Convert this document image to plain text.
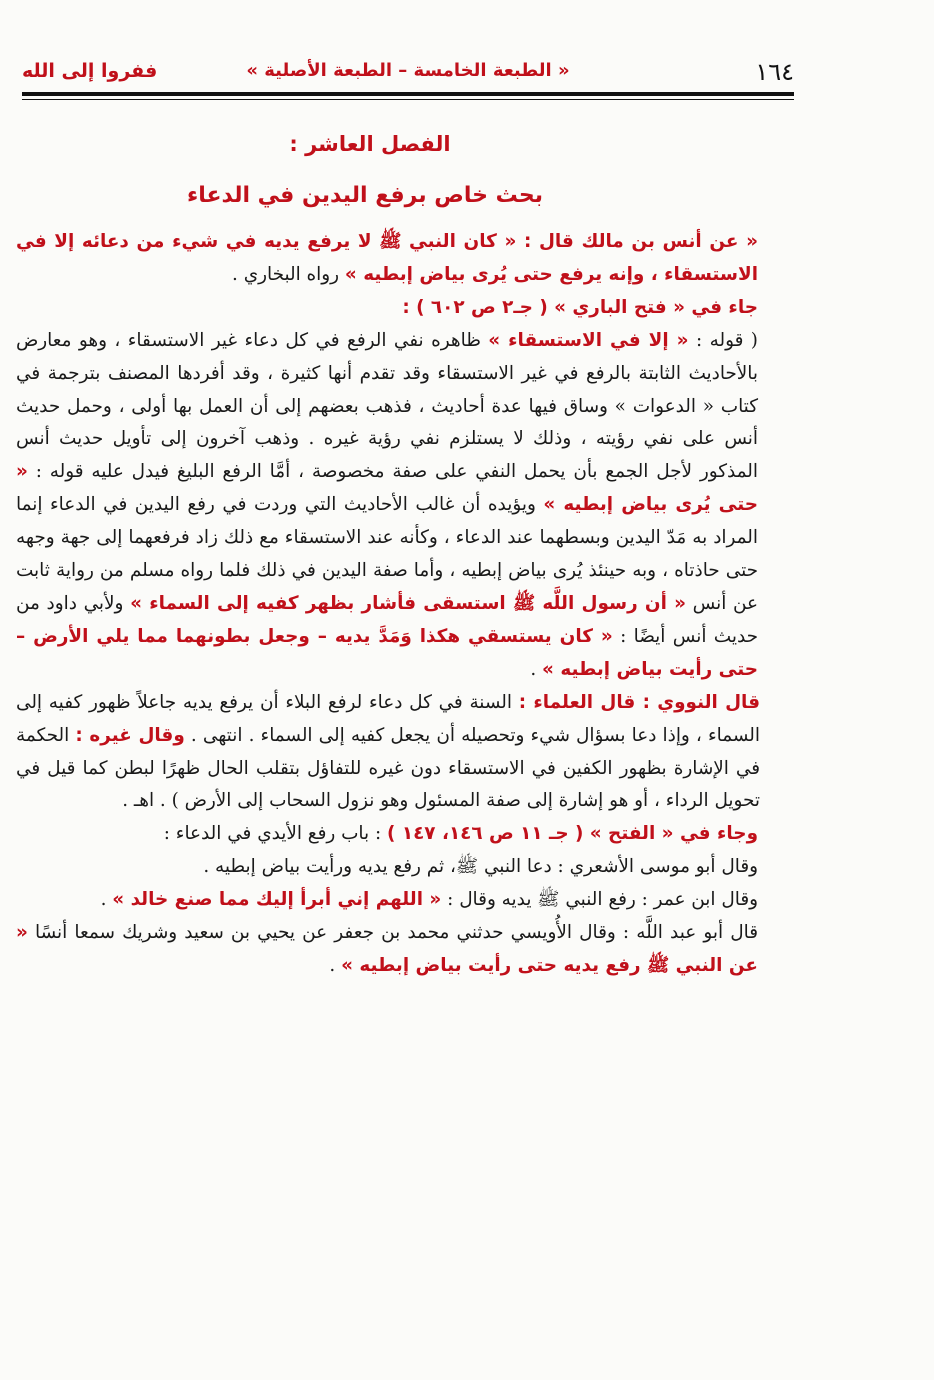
١٦٤
« الطبعة الخامسة – الطبعة الأصلية »
ففروا إلى الله

الفصل العاشر :

بحث خاص برفع اليدين في الدعاء

« عن أنس بن مالك قال : « كان النبي ﷺ لا يرفع يديه في شيء من دعائه إلا في الاستسقاء ، وإنه يرفع حتى يُرى بياض إبطيه » رواه البخاري .

جاء في « فتح الباري » ( جـ٢ ص ٦٠٢ ) :

( قوله : « إلا في الاستسقاء » ظاهره نفي الرفع في كل دعاء غير الاستسقاء ، وهو معارض بالأحاديث الثابتة بالرفع في غير الاستسقاء وقد تقدم أنها كثيرة ، وقد أفردها المصنف بترجمة في كتاب « الدعوات » وساق فيها عدة أحاديث ، فذهب بعضهم إلى أن العمل بها أولى ، وحمل حديث أنس على نفي رؤيته ، وذلك لا يستلزم نفي رؤية غيره . وذهب آخرون إلى تأويل حديث أنس المذكور لأجل الجمع بأن يحمل النفي على صفة مخصوصة ، أمَّا الرفع البليغ فيدل عليه قوله : « حتى يُرى بياض إبطيه » ويؤيده أن غالب الأحاديث التي وردت في رفع اليدين في الدعاء إنما المراد به مَدّ اليدين وبسطهما عند الدعاء ، وكأنه عند الاستسقاء مع ذلك زاد فرفعهما إلى جهة وجهه حتى حاذتاه ، وبه حينئذ يُرى بياض إبطيه ، وأما صفة اليدين في ذلك فلما رواه مسلم من رواية ثابت عن أنس « أن رسول اللَّه ﷺ استسقى فأشار بظهر كفيه إلى السماء » ولأبي داود من حديث أنس أيضًا : « كان يستسقي هكذا وَمَدَّ يديه – وجعل بطونهما مما يلي الأرض – حتى رأيت بياض إبطيه » .

قال النووي : قال العلماء : السنة في كل دعاء لرفع البلاء أن يرفع يديه جاعلاً ظهور كفيه إلى السماء ، وإذا دعا بسؤال شيء وتحصيله أن يجعل كفيه إلى السماء . انتهى . وقال غيره : الحكمة في الإشارة بظهور الكفين في الاستسقاء دون غيره للتفاؤل بتقلب الحال ظهرًا لبطن كما قيل في تحويل الرداء ، أو هو إشارة إلى صفة المسئول وهو نزول السحاب إلى الأرض ) . اهـ .

وجاء في « الفتح » ( جـ ١١ ص ١٤٦، ١٤٧ ) : باب رفع الأيدي في الدعاء :

وقال أبو موسى الأشعري : دعا النبي ﷺ، ثم رفع يديه ورأيت بياض إبطيه .

وقال ابن عمر : رفع النبي ﷺ يديه وقال : « اللهم إني أبرأ إليك مما صنع خالد » .

قال أبو عبد اللَّه : وقال الأُويسي حدثني محمد بن جعفر عن يحيي بن سعيد وشريك سمعا أنسًا « عن النبي ﷺ رفع يديه حتى رأيت بياض إبطيه » .
